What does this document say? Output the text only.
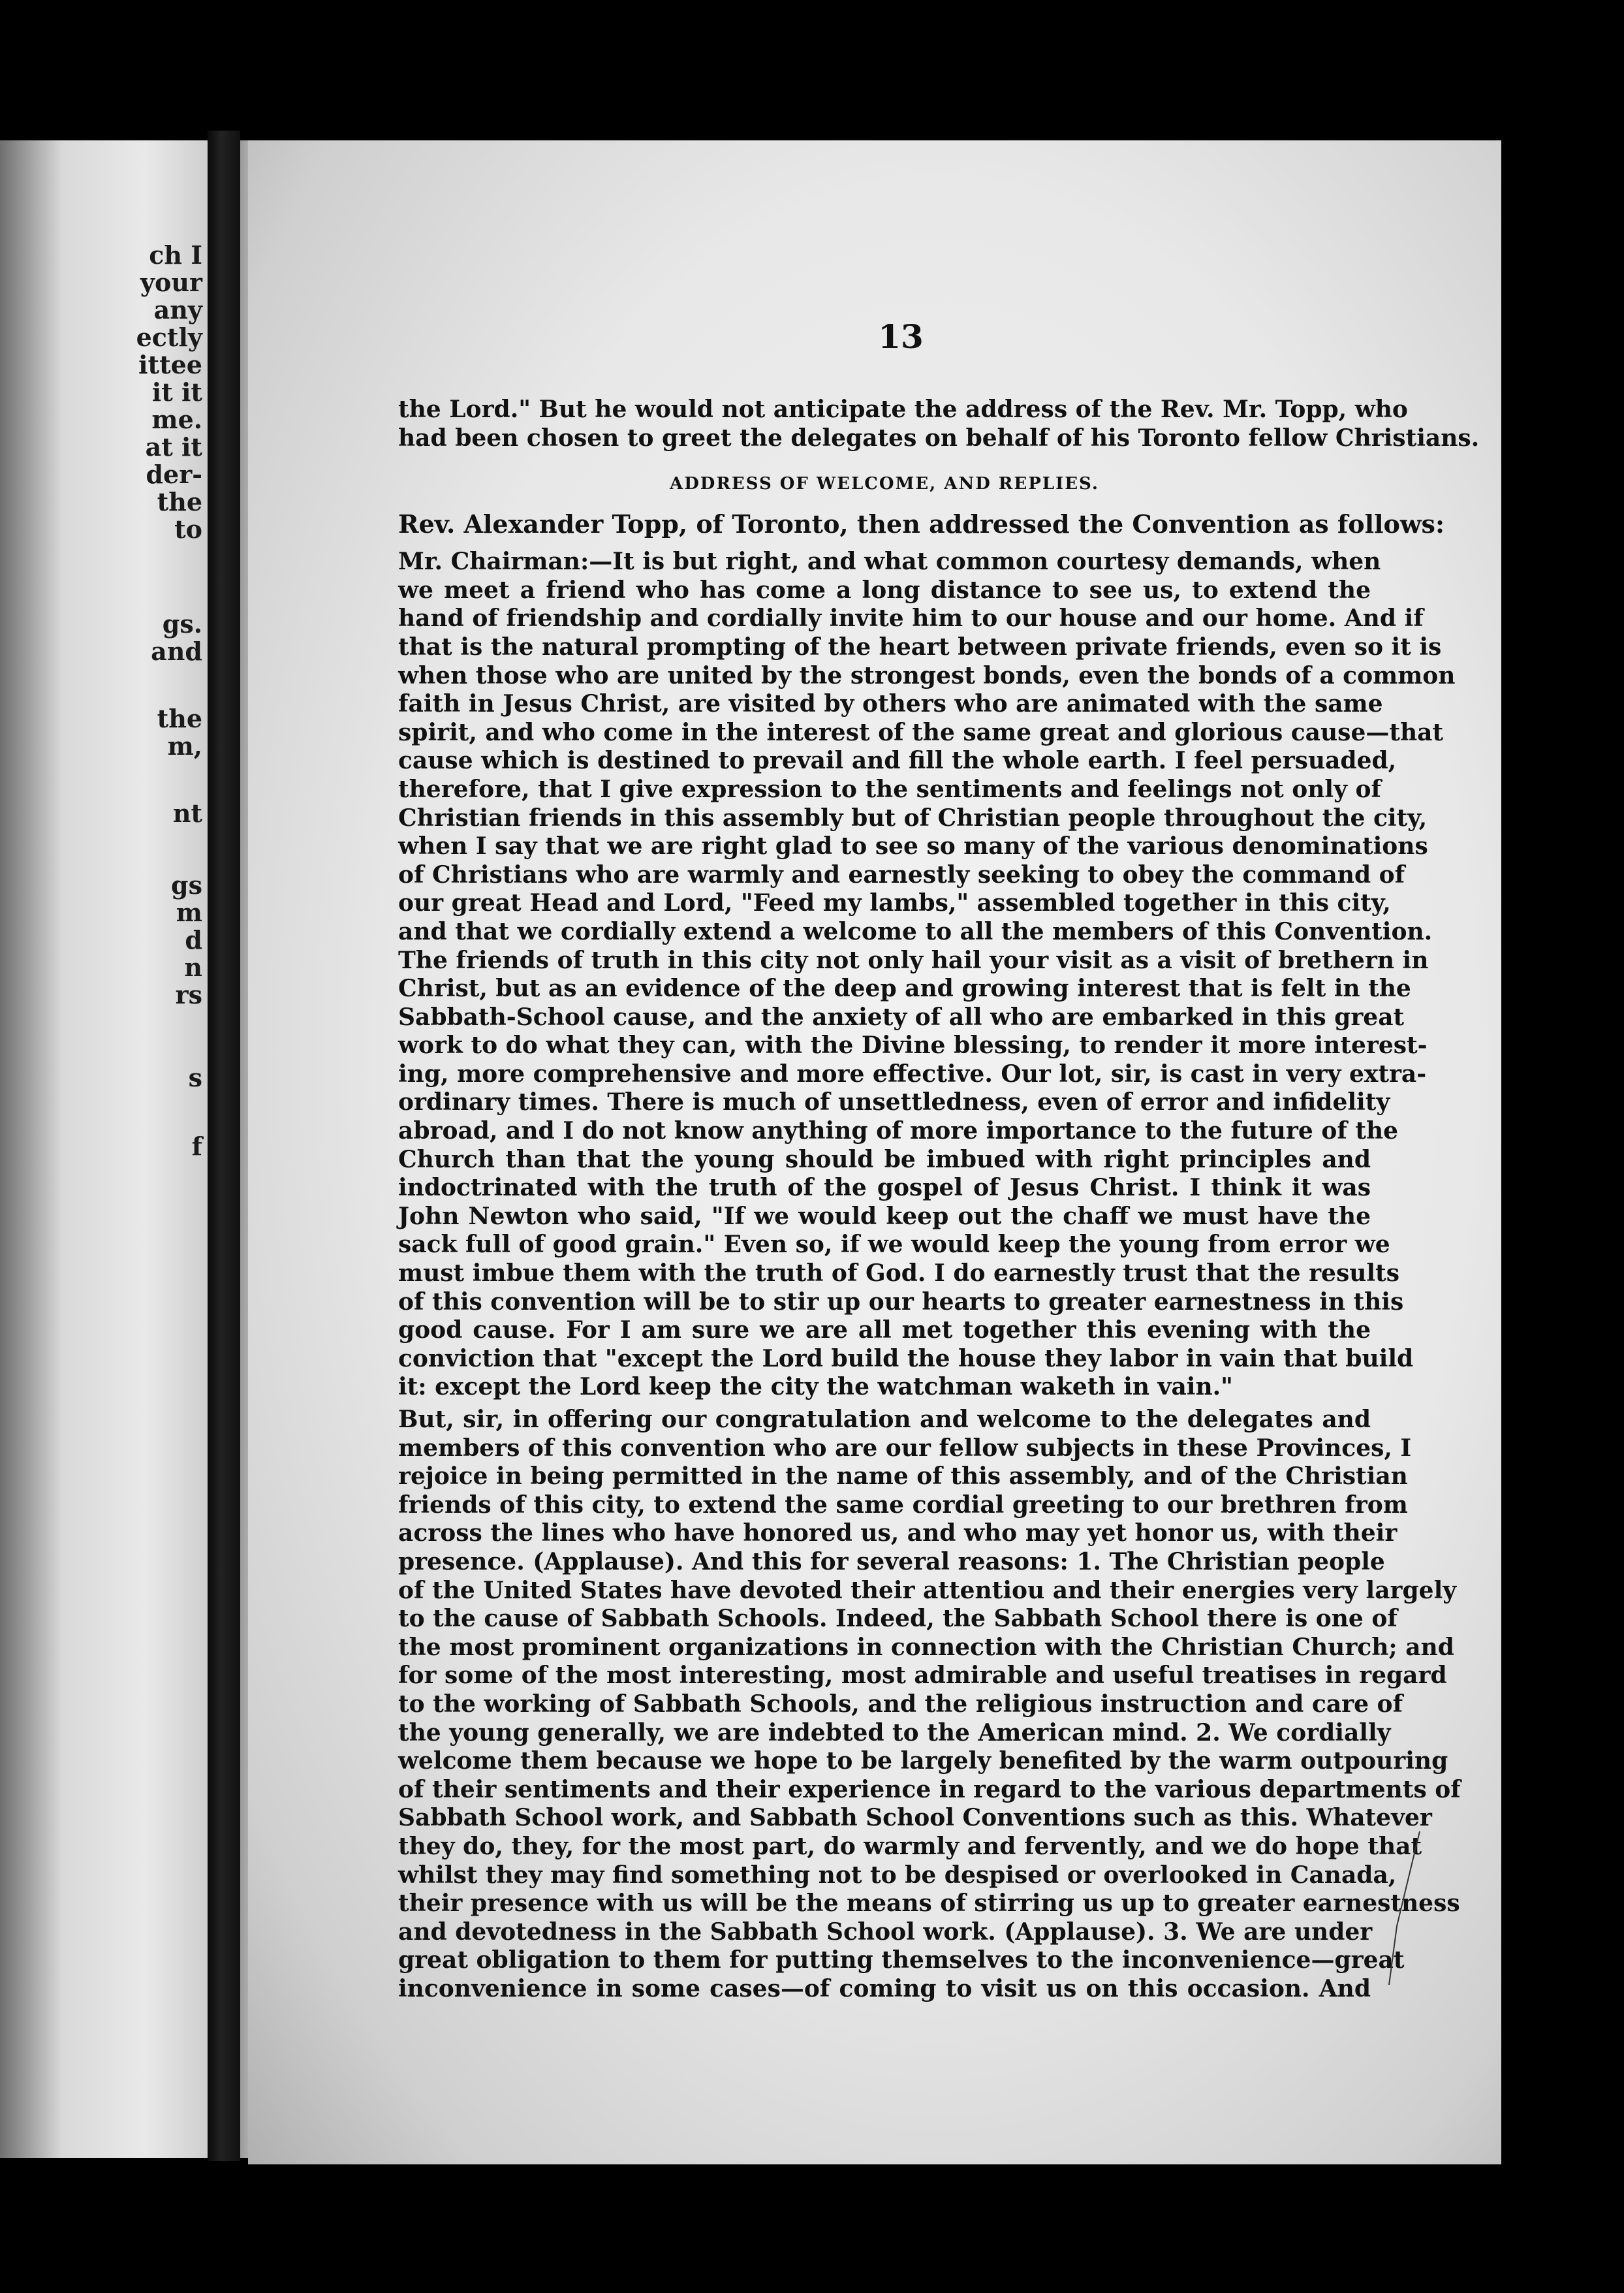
ch I
your
any
ectly
ittee
it it
me.
at it
der-
the
to
gs.
and
the
m,
nt
gs
m
d
n
rs
s
f
13
the Lord." But he would not anticipate the address of the Rev. Mr. Topp, who
had been chosen to greet the delegates on behalf of his Toronto fellow Christians.
ADDRESS OF WELCOME, AND REPLIES.
Rev. Alexander Topp, of Toronto, then addressed the Convention as follows:
Mr. Chairman:—It is but right, and what common courtesy demands, when
we meet a friend who has come a long distance to see us, to extend the
hand of friendship and cordially invite him to our house and our home. And if
that is the natural prompting of the heart between private friends, even so it is
when those who are united by the strongest bonds, even the bonds of a common
faith in Jesus Christ, are visited by others who are animated with the same
spirit, and who come in the interest of the same great and glorious cause—that
cause which is destined to prevail and fill the whole earth. I feel persuaded,
therefore, that I give expression to the sentiments and feelings not only of
Christian friends in this assembly but of Christian people throughout the city,
when I say that we are right glad to see so many of the various denominations
of Christians who are warmly and earnestly seeking to obey the command of
our great Head and Lord, "Feed my lambs," assembled together in this city,
and that we cordially extend a welcome to all the members of this Convention.
The friends of truth in this city not only hail your visit as a visit of brethern in
Christ, but as an evidence of the deep and growing interest that is felt in the
Sabbath-School cause, and the anxiety of all who are embarked in this great
work to do what they can, with the Divine blessing, to render it more interest-
ing, more comprehensive and more effective. Our lot, sir, is cast in very extra-
ordinary times. There is much of unsettledness, even of error and infidelity
abroad, and I do not know anything of more importance to the future of the
Church than that the young should be imbued with right principles and
indoctrinated with the truth of the gospel of Jesus Christ. I think it was
John Newton who said, "If we would keep out the chaff we must have the
sack full of good grain." Even so, if we would keep the young from error we
must imbue them with the truth of God. I do earnestly trust that the results
of this convention will be to stir up our hearts to greater earnestness in this
good cause. For I am sure we are all met together this evening with the
conviction that "except the Lord build the house they labor in vain that build
it: except the Lord keep the city the watchman waketh in vain."
But, sir, in offering our congratulation and welcome to the delegates and
members of this convention who are our fellow subjects in these Provinces, I
rejoice in being permitted in the name of this assembly, and of the Christian
friends of this city, to extend the same cordial greeting to our brethren from
across the lines who have honored us, and who may yet honor us, with their
presence. (Applause). And this for several reasons: 1. The Christian people
of the United States have devoted their attentiou and their energies very largely
to the cause of Sabbath Schools. Indeed, the Sabbath School there is one of
the most prominent organizations in connection with the Christian Church; and
for some of the most interesting, most admirable and useful treatises in regard
to the working of Sabbath Schools, and the religious instruction and care of
the young generally, we are indebted to the American mind. 2. We cordially
welcome them because we hope to be largely benefited by the warm outpouring
of their sentiments and their experience in regard to the various departments of
Sabbath School work, and Sabbath School Conventions such as this. Whatever
they do, they, for the most part, do warmly and fervently, and we do hope that
whilst they may find something not to be despised or overlooked in Canada,
their presence with us will be the means of stirring us up to greater earnestness
and devotedness in the Sabbath School work. (Applause). 3. We are under
great obligation to them for putting themselves to the inconvenience—great
inconvenience in some cases—of coming to visit us on this occasion. And
